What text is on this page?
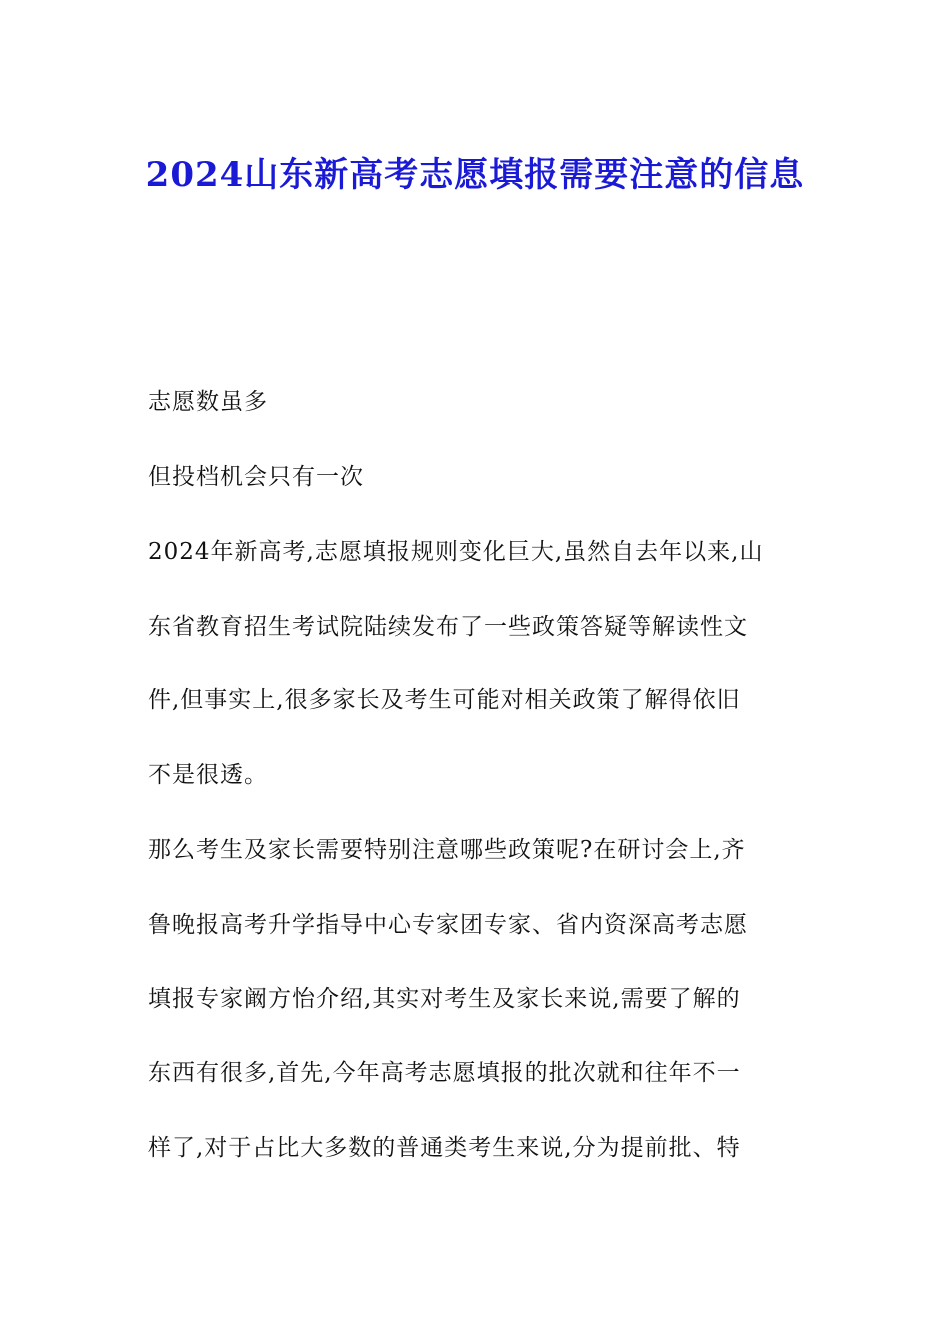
2024山东新高考志愿填报需要注意的信息

志愿数虽多

但投档机会只有一次

2024年新高考,志愿填报规则变化巨大,虽然自去年以来,山

东省教育招生考试院陆续发布了一些政策答疑等解读性文

件,但事实上,很多家长及考生可能对相关政策了解得依旧

不是很透。

那么考生及家长需要特别注意哪些政策呢?在研讨会上,齐

鲁晚报高考升学指导中心专家团专家、省内资深高考志愿

填报专家阚方怡介绍,其实对考生及家长来说,需要了解的

东西有很多,首先,今年高考志愿填报的批次就和往年不一

样了,对于占比大多数的普通类考生来说,分为提前批、特
